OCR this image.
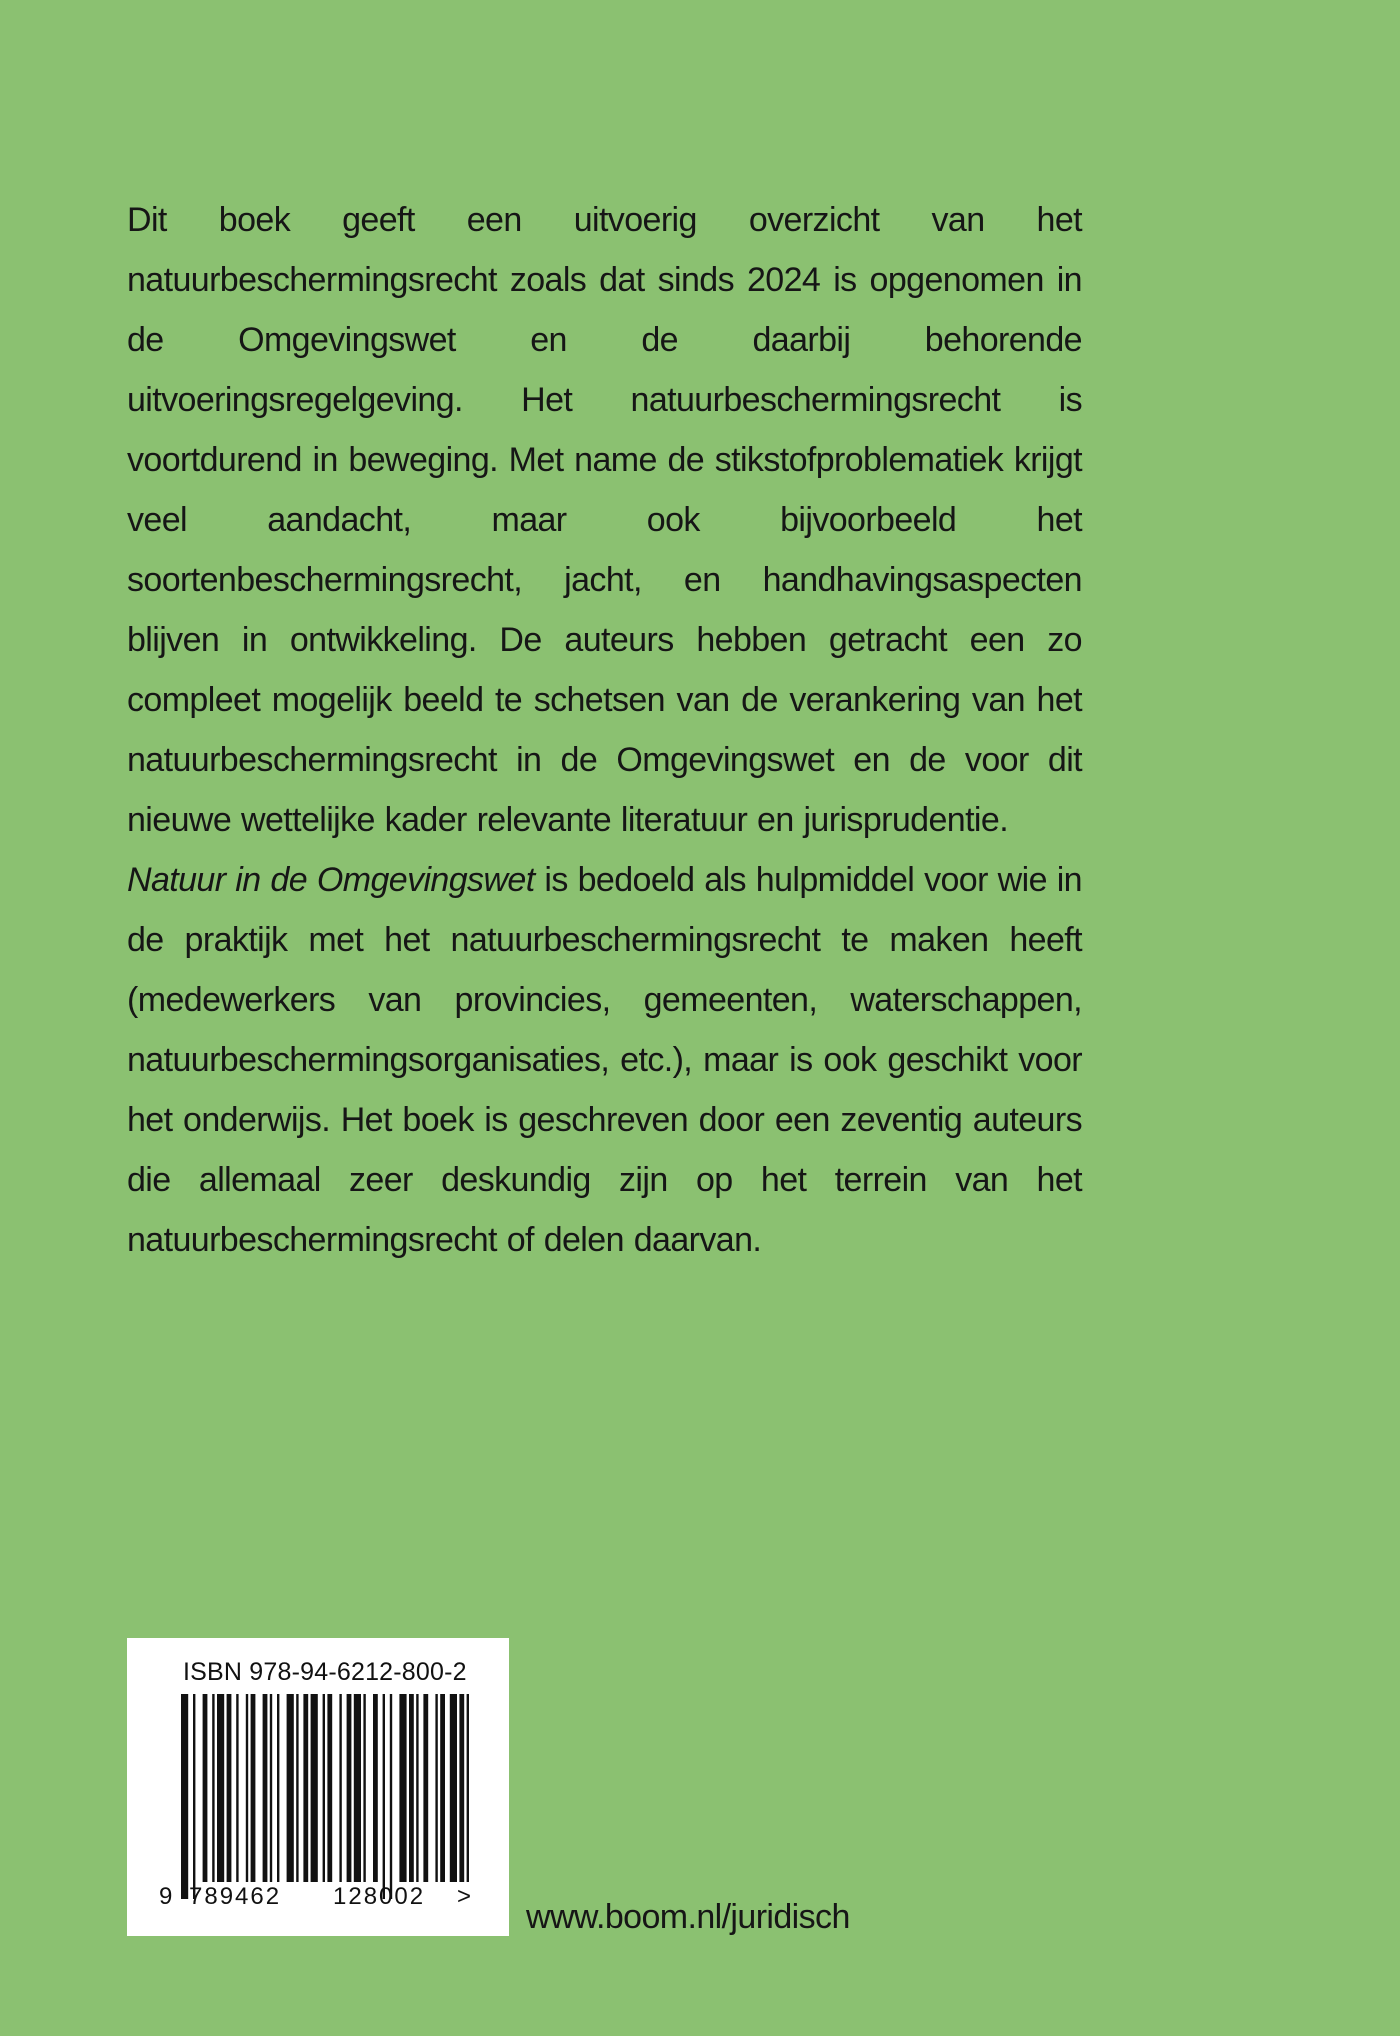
Dit boek geeft een uitvoerig overzicht van het natuurbeschermingsrecht zoals dat sinds 2024 is opgenomen in de Omgevingswet en de daarbij behorende uitvoeringsregelgeving. Het natuurbeschermingsrecht is voortdurend in beweging. Met name de stikstofproblematiek krijgt veel aandacht, maar ook bijvoorbeeld het soortenbeschermingsrecht, jacht, en handhavingsaspecten blijven in ontwikkeling. De auteurs hebben getracht een zo compleet mogelijk beeld te schetsen van de verankering van het natuurbeschermingsrecht in de Omgevingswet en de voor dit nieuwe wettelijke kader relevante literatuur en jurisprudentie.

Natuur in de Omgevingswet is bedoeld als hulpmiddel voor wie in de praktijk met het natuurbeschermingsrecht te maken heeft (medewerkers van provincies, gemeenten, waterschappen, natuurbeschermingsorganisaties, etc.), maar is ook geschikt voor het onderwijs. Het boek is geschreven door een zeventig auteurs die allemaal zeer deskundig zijn op het terrein van het natuurbeschermingsrecht of delen daarvan.

ISBN 978-94-6212-800-2
9 789462 128002 >
www.boom.nl/juridisch
